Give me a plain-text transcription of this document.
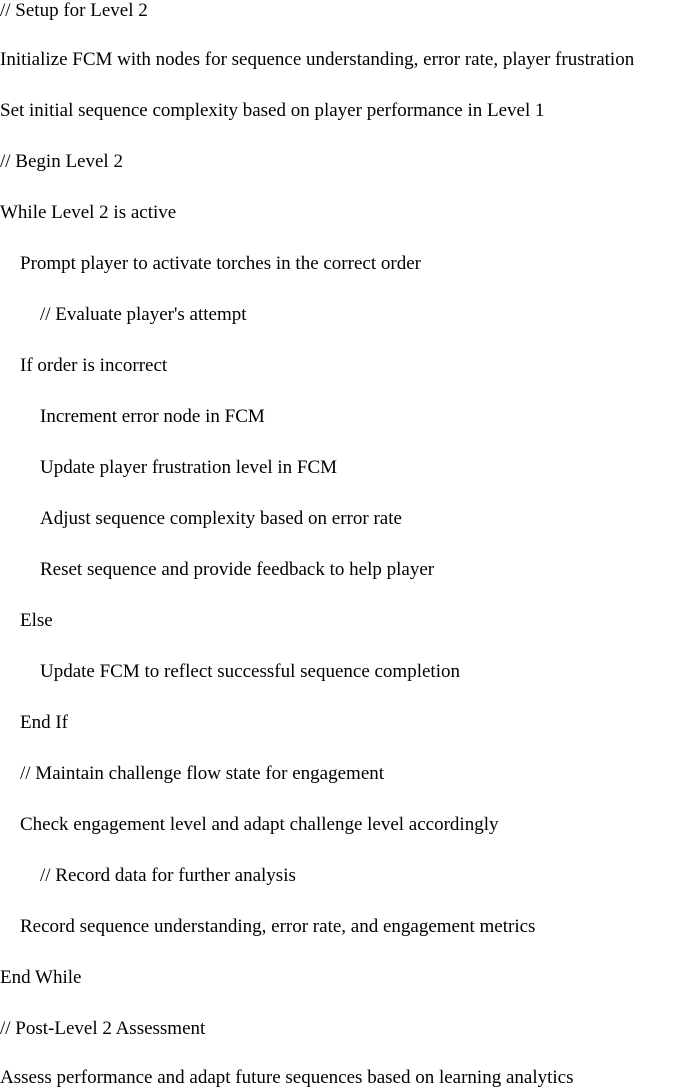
// Setup for Level 2
Initialize FCM with nodes for sequence understanding, error rate, player frustration
Set initial sequence complexity based on player performance in Level 1
// Begin Level 2
While Level 2 is active
Prompt player to activate torches in the correct order
// Evaluate player's attempt
If order is incorrect
Increment error node in FCM
Update player frustration level in FCM
Adjust sequence complexity based on error rate
Reset sequence and provide feedback to help player
Else
Update FCM to reflect successful sequence completion
End If
// Maintain challenge flow state for engagement
Check engagement level and adapt challenge level accordingly
// Record data for further analysis
Record sequence understanding, error rate, and engagement metrics
End While
// Post-Level 2 Assessment
Assess performance and adapt future sequences based on learning analytics
